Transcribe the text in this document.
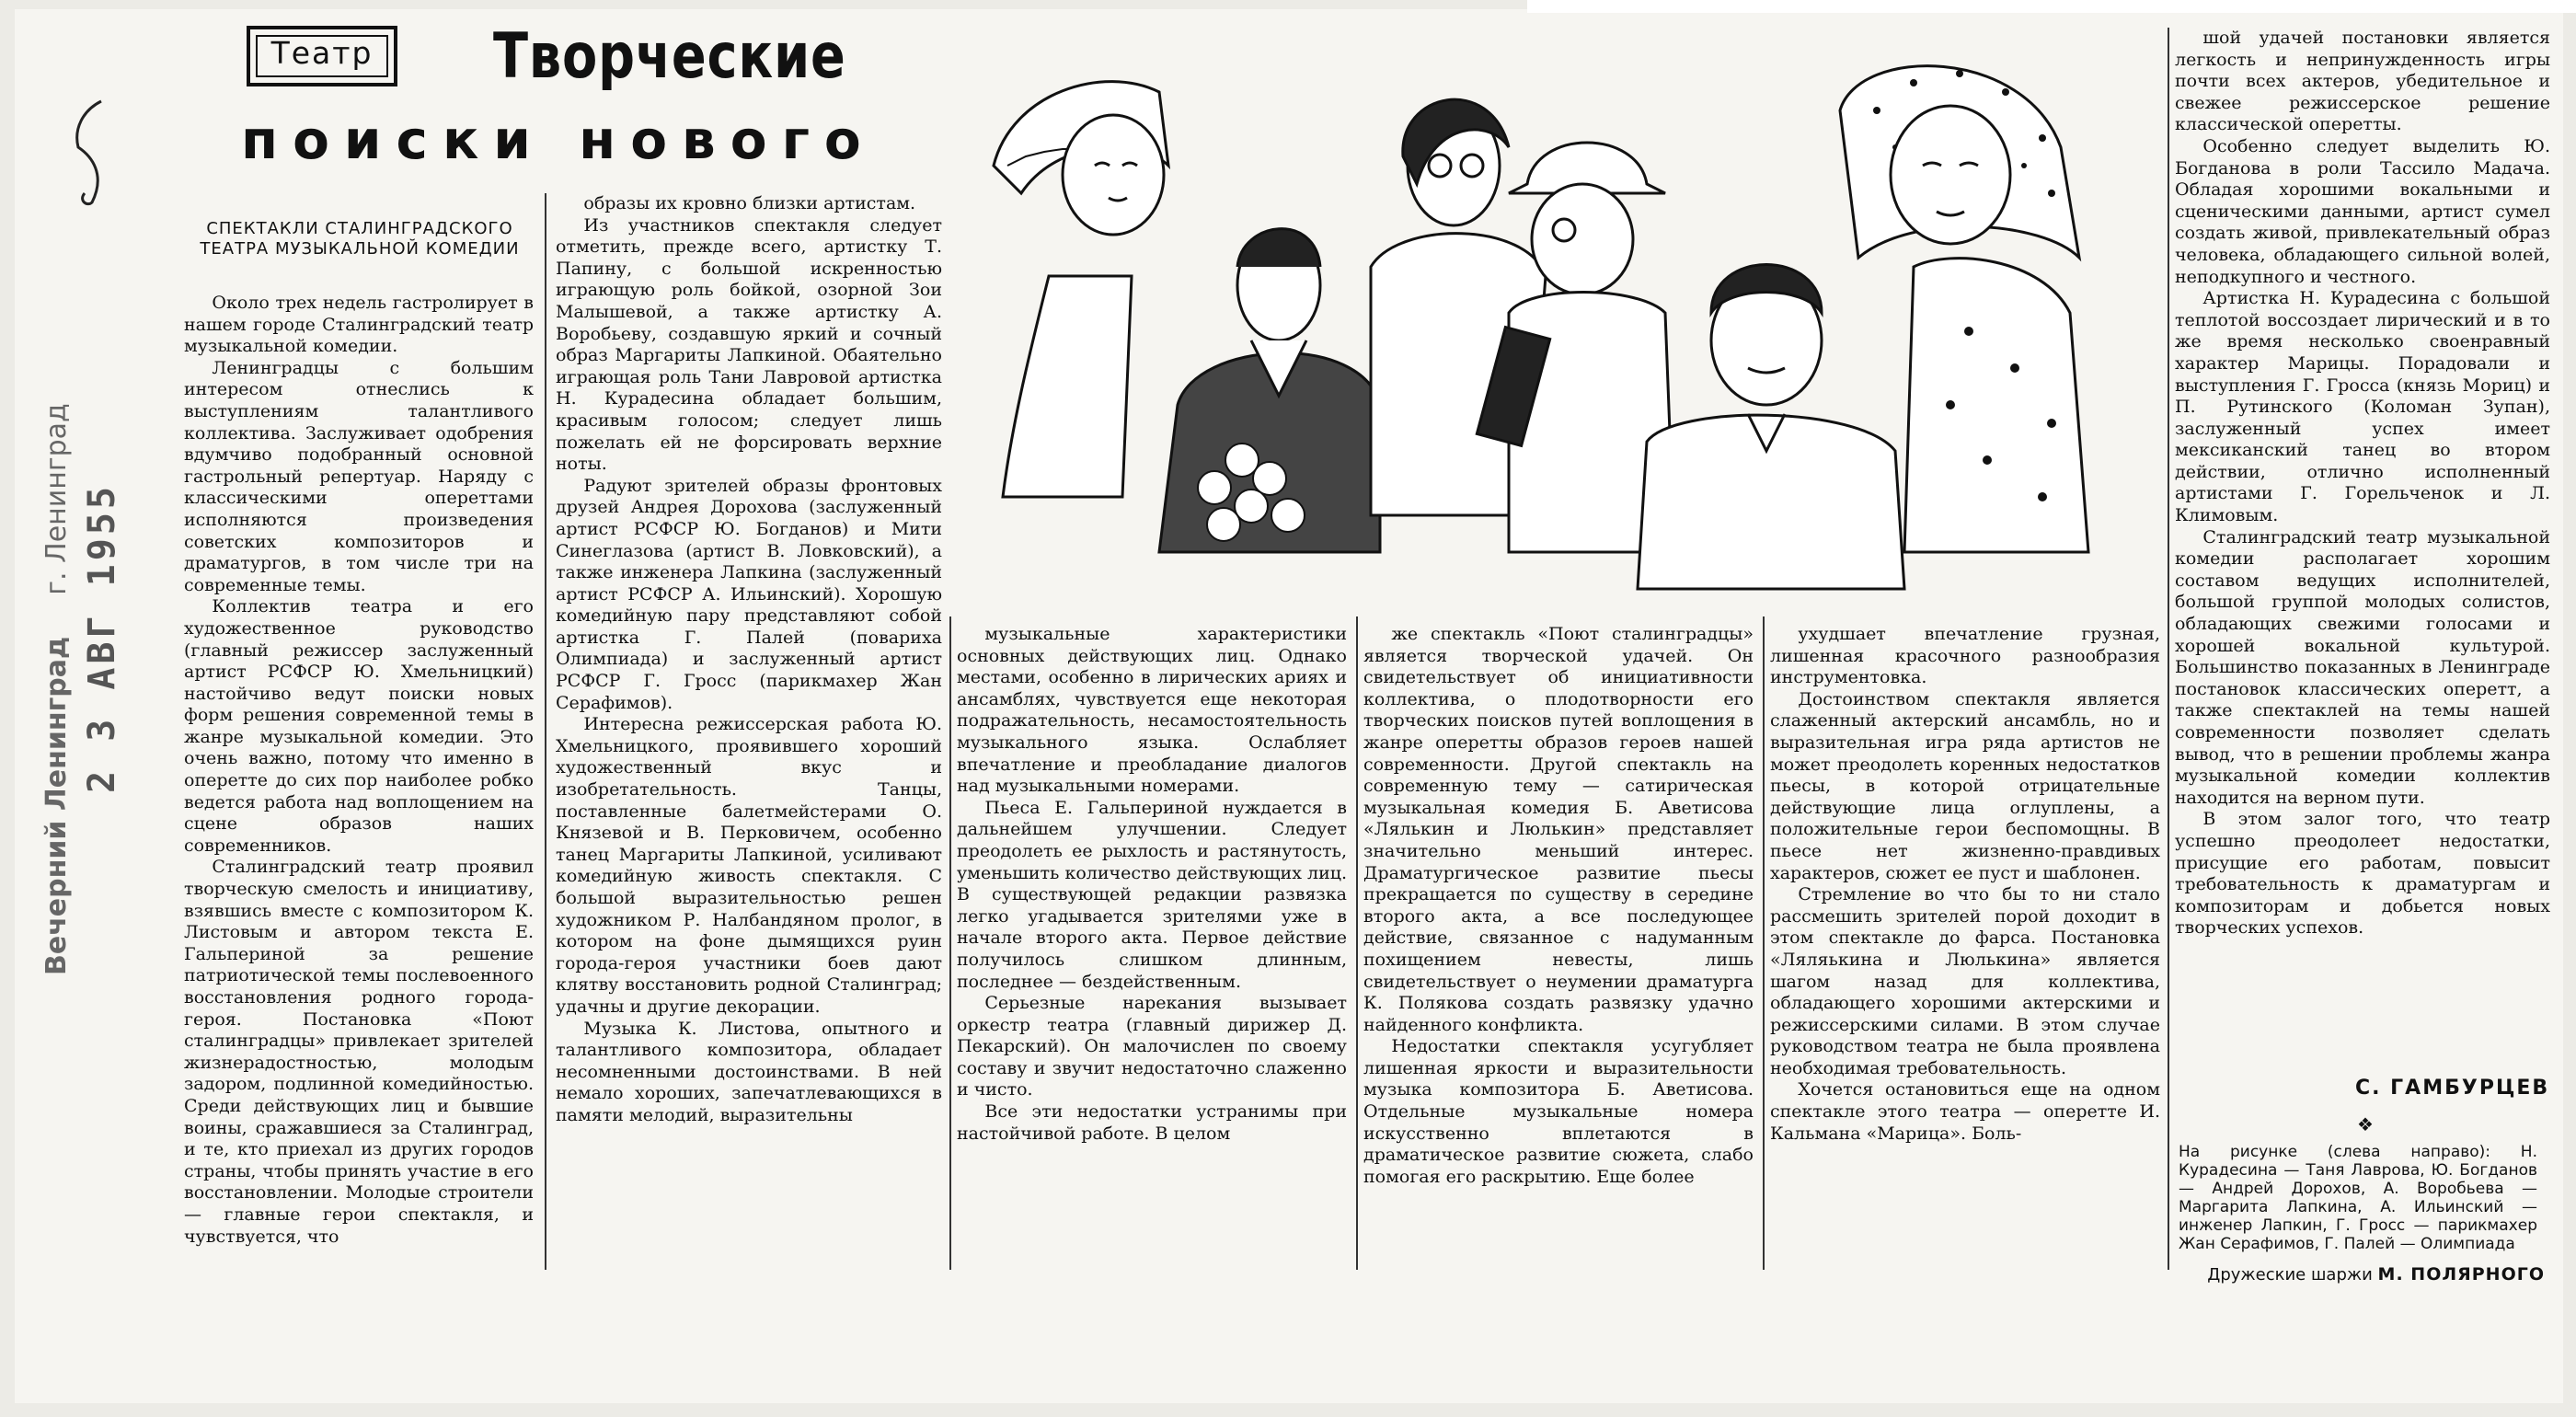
Вечерний Ленинград г. Ленинград 2 3 АВГ 1955
Театр	Творческие
поиски нового
СПЕКТАКЛИ СТАЛИНГРАДСКОГО ТЕАТРА МУЗЫКАЛЬНОЙ КОМЕДИИ

Около трех недель гастролирует в нашем городе Сталинградский театр музыкальной комедии.

Ленинградцы с большим интересом отнеслись к выступлениям талантливого коллектива. Заслуживает одобрения вдумчиво подобранный основной гастрольный репертуар. Наряду с классическими опереттами исполняются произведения советских композиторов и драматургов, в том числе три на современные темы.

Коллектив театра и его художественное руководство (главный режиссер заслуженный артист РСФСР Ю. Хмельницкий) настойчиво ведут поиски новых форм решения современной темы в жанре музыкальной комедии. Это очень важно, потому что именно в оперетте до сих пор наиболее робко ведется работа над воплощением на сцене образов наших современников.

Сталинградский театр проявил творческую смелость и инициативу, взявшись вместе с композитором К. Листовым и автором текста Е. Гальпериной за решение патриотической темы послевоенного восстановления родного города-героя. Постановка «Поют сталинградцы» привлекает зрителей жизнерадостностью, молодым задором, подлинной комедийностью. Среди действующих лиц и бывшие воины, сражавшиеся за Сталинград, и те, кто приехал из других городов страны, чтобы принять участие в его восстановлении. Молодые строители — главные герои спектакля, и чувствуется, что

образы их кровно близки артистам.

Из участников спектакля следует отметить, прежде всего, артистку Т. Папину, с большой искренностью играющую роль бойкой, озорной Зои Малышевой, а также артистку А. Воробьеву, создавшую яркий и сочный образ Маргариты Лапкиной. Обаятельно играющая роль Тани Лавровой артистка Н. Курадесина обладает большим, красивым голосом; следует лишь пожелать ей не форсировать верхние ноты.

Радуют зрителей образы фронтовых друзей Андрея Дорохова (заслуженный артист РСФСР Ю. Богданов) и Мити Синеглазова (артист В. Ловковский), а также инженера Лапкина (заслуженный артист РСФСР А. Ильинский). Хорошую комедийную пару представляют собой артистка Г. Палей (повариха Олимпиада) и заслуженный артист РСФСР Г. Гросс (парикмахер Жан Серафимов).

Интересна режиссерская работа Ю. Хмельницкого, проявившего хороший художественный вкус и изобретательность. Танцы, поставленные балетмейстерами О. Князевой и В. Перковичем, особенно танец Маргариты Лапкиной, усиливают комедийную живость спектакля. С большой выразительностью решен художником Р. Налбандяном пролог, в котором на фоне дымящихся руин города-героя участники боев дают клятву восстановить родной Сталинград; удачны и другие декорации.

Музыка К. Листова, опытного и талантливого композитора, обладает несомненными достоинствами. В ней немало хороших, запечатлевающихся в памяти мелодий, выразительны

музыкальные характеристики основных действующих лиц. Однако местами, особенно в лирических ариях и ансамблях, чувствуется еще некоторая подражательность, несамостоятельность музыкального языка. Ослабляет впечатление и преобладание диалогов над музыкальными номерами.

Пьеса Е. Гальпериной нуждается в дальнейшем улучшении. Следует преодолеть ее рыхлость и растянутость, уменьшить количество действующих лиц. В существующей редакции развязка легко угадывается зрителями уже в начале второго акта. Первое действие получилось слишком длинным, последнее — бездейственным.

Серьезные нарекания вызывает оркестр театра (главный дирижер Д. Пекарский). Он малочислен по своему составу и звучит недостаточно слаженно и чисто.

Все эти недостатки устранимы при настойчивой работе. В целом

же спектакль «Поют сталинградцы» является творческой удачей. Он свидетельствует об инициативности коллектива, о плодотворности его творческих поисков путей воплощения в жанре оперетты образов героев нашей современности. Другой спектакль на современную тему — сатирическая музыкальная комедия Б. Аветисова «Лялькин и Люлькин» представляет значительно меньший интерес. Драматургическое развитие пьесы прекращается по существу в середине второго акта, а все последующее действие, связанное с надуманным похищением невесты, лишь свидетельствует о неумении драматурга К. Полякова создать развязку удачно найденного конфликта.

Недостатки спектакля усугубляет лишенная яркости и выразительности музыка композитора Б. Аветисова. Отдельные музыкальные номера искусственно вплетаются в драматическое развитие сюжета, слабо помогая его раскрытию. Еще более

ухудшает впечатление грузная, лишенная красочного разнообразия инструментовка.

Достоинством спектакля является слаженный актерский ансамбль, но и выразительная игра ряда артистов не может преодолеть коренных недостатков пьесы, в которой отрицательные действующие лица оглуплены, а положительные герои беспомощны. В пьесе нет жизненно-правдивых характеров, сюжет ее пуст и шаблонен.

Стремление во что бы то ни стало рассмешить зрителей порой доходит в этом спектакле до фарса. Постановка «Ляляькина и Люлькина» является шагом назад для коллектива, обладающего хорошими актерскими и режиссерскими силами. В этом случае руководством театра не была проявлена необходимая требовательность.

Хочется остановиться еще на одном спектакле этого театра — оперетте И. Кальмана «Марица». Боль-

шой удачей постановки является легкость и непринужденность игры почти всех актеров, убедительное и свежее режиссерское решение классической оперетты.

Особенно следует выделить Ю. Богданова в роли Тассило Мадача. Обладая хорошими вокальными и сценическими данными, артист сумел создать живой, привлекательный образ человека, обладающего сильной волей, неподкупного и честного.

Артистка Н. Курадесина с большой теплотой воссоздает лирический и в то же время несколько своенравный характер Марицы. Порадовали и выступления Г. Гросса (князь Мориц) и П. Рутинского (Коломан Зупан), заслуженный успех имеет мексиканский танец во втором действии, отлично исполненный артистами Г. Горельченок и Л. Климовым.

Сталинградский театр музыкальной комедии располагает хорошим составом ведущих исполнителей, большой группой молодых солистов, обладающих свежими голосами и хорошей вокальной культурой. Большинство показанных в Ленинграде постановок классических оперетт, а также спектаклей на темы нашей современности позволяет сделать вывод, что в решении проблемы жанра музыкальной комедии коллектив находится на верном пути.

В этом залог того, что театр успешно преодолеет недостатки, присущие его работам, повысит требовательность к драматургам и композиторам и добьется новых творческих успехов.

С. ГАМБУРЦЕВ
❖
На рисунке (слева направо): Н. Курадесина — Таня Лаврова, Ю. Богданов — Андрей Дорохов, А. Воробьева — Маргарита Лапкина, А. Ильинский — инженер Лапкин, Г. Гросс — парикмахер Жан Серафимов, Г. Палей — Олимпиада
Дружеские шаржи М. ПОЛЯРНОГО
